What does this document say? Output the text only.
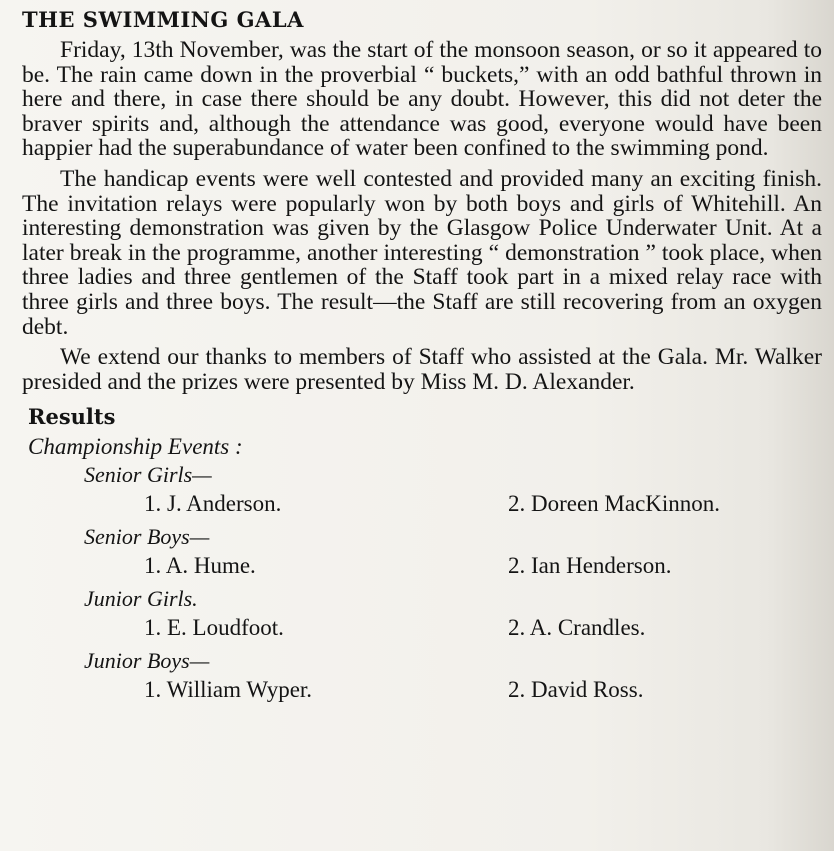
THE SWIMMING GALA

Friday, 13th November, was the start of the monsoon season, or so it appeared to be. The rain came down in the proverbial “ buckets,” with an odd bathful thrown in here and there, in case there should be any doubt. However, this did not deter the braver spirits and, although the attendance was good, everyone would have been happier had the superabundance of water been confined to the swimming pond.

The handicap events were well contested and provided many an exciting finish. The invitation relays were popularly won by both boys and girls of Whitehill. An interesting demonstration was given by the Glasgow Police Underwater Unit. At a later break in the programme, another interesting “ demonstration ” took place, when three ladies and three gentlemen of the Staff took part in a mixed relay race with three girls and three boys. The result—the Staff are still recovering from an oxygen debt.

We extend our thanks to members of Staff who assisted at the Gala. Mr. Walker presided and the prizes were presented by Miss M. D. Alexander.

Results
Championship Events :
Senior Girls—
1. J. Anderson.	2. Doreen MacKinnon.
Senior Boys—
1. A. Hume.	2. Ian Henderson.
Junior Girls.
1. E. Loudfoot.	2. A. Crandles.
Junior Boys—
1. William Wyper.	2. David Ross.
